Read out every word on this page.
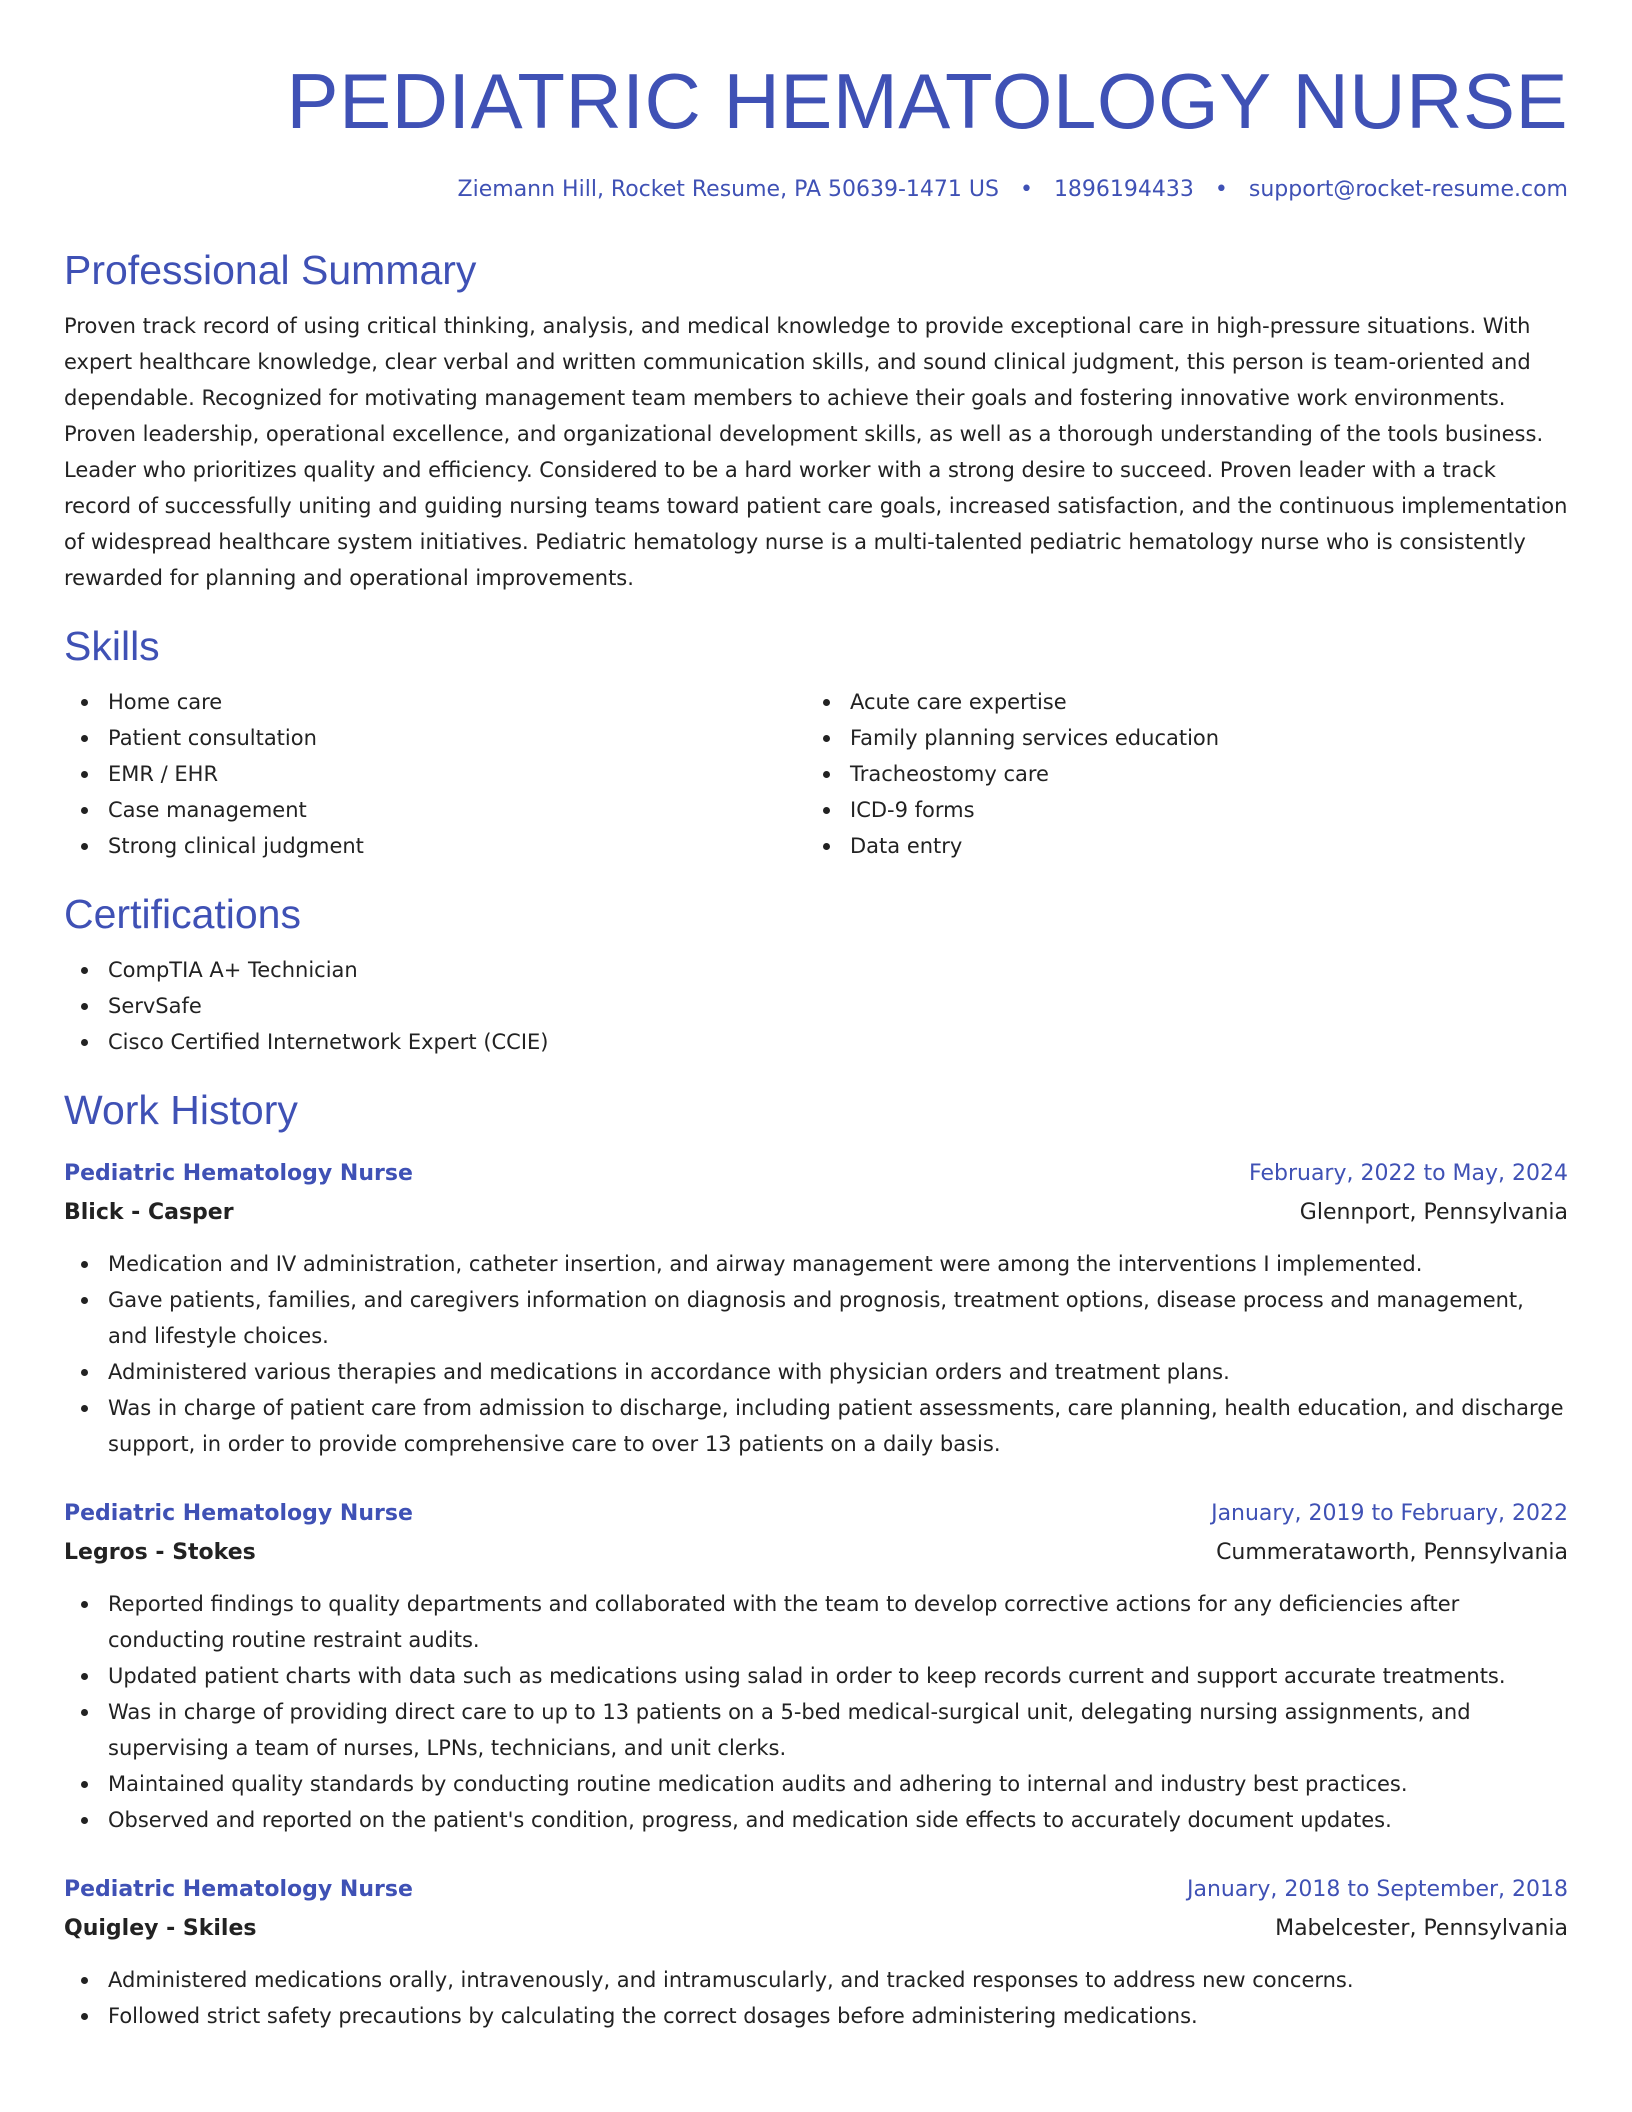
PEDIATRIC HEMATOLOGY NURSE
Ziemann Hill, Rocket Resume, PA 50639-1471 US • 1896194433 • support@rocket-resume.com
Professional Summary

Proven track record of using critical thinking, analysis, and medical knowledge to provide exceptional care in high-pressure situations. With expert healthcare knowledge, clear verbal and written communication skills, and sound clinical judgment, this person is team-oriented and dependable. Recognized for motivating management team members to achieve their goals and fostering innovative work environments. Proven leadership, operational excellence, and organizational development skills, as well as a thorough understanding of the tools business. Leader who prioritizes quality and efficiency. Considered to be a hard worker with a strong desire to succeed. Proven leader with a track record of successfully uniting and guiding nursing teams toward patient care goals, increased satisfaction, and the continuous implementation of widespread healthcare system initiatives. Pediatric hematology nurse is a multi-talented pediatric hematology nurse who is consistently rewarded for planning and operational improvements.

Skills
Home care
Patient consultation
EMR / EHR
Case management
Strong clinical judgment
Acute care expertise
Family planning services education
Tracheostomy care
ICD-9 forms
Data entry
Certifications
CompTIA A+ Technician
ServSafe
Cisco Certified Internetwork Expert (CCIE)
Work History
Pediatric Hematology Nurse	February, 2022 to May, 2024
Blick - Casper	Glennport, Pennsylvania
Medication and IV administration, catheter insertion, and airway management were among the interventions I implemented.
Gave patients, families, and caregivers information on diagnosis and prognosis, treatment options, disease process and management, and lifestyle choices.
Administered various therapies and medications in accordance with physician orders and treatment plans.
Was in charge of patient care from admission to discharge, including patient assessments, care planning, health education, and discharge support, in order to provide comprehensive care to over 13 patients on a daily basis.
Pediatric Hematology Nurse	January, 2019 to February, 2022
Legros - Stokes	Cummerataworth, Pennsylvania
Reported findings to quality departments and collaborated with the team to develop corrective actions for any deficiencies after conducting routine restraint audits.
Updated patient charts with data such as medications using salad in order to keep records current and support accurate treatments.
Was in charge of providing direct care to up to 13 patients on a 5-bed medical-surgical unit, delegating nursing assignments, and supervising a team of nurses, LPNs, technicians, and unit clerks.
Maintained quality standards by conducting routine medication audits and adhering to internal and industry best practices.
Observed and reported on the patient's condition, progress, and medication side effects to accurately document updates.
Pediatric Hematology Nurse	January, 2018 to September, 2018
Quigley - Skiles	Mabelcester, Pennsylvania
Administered medications orally, intravenously, and intramuscularly, and tracked responses to address new concerns.
Followed strict safety precautions by calculating the correct dosages before administering medications.
